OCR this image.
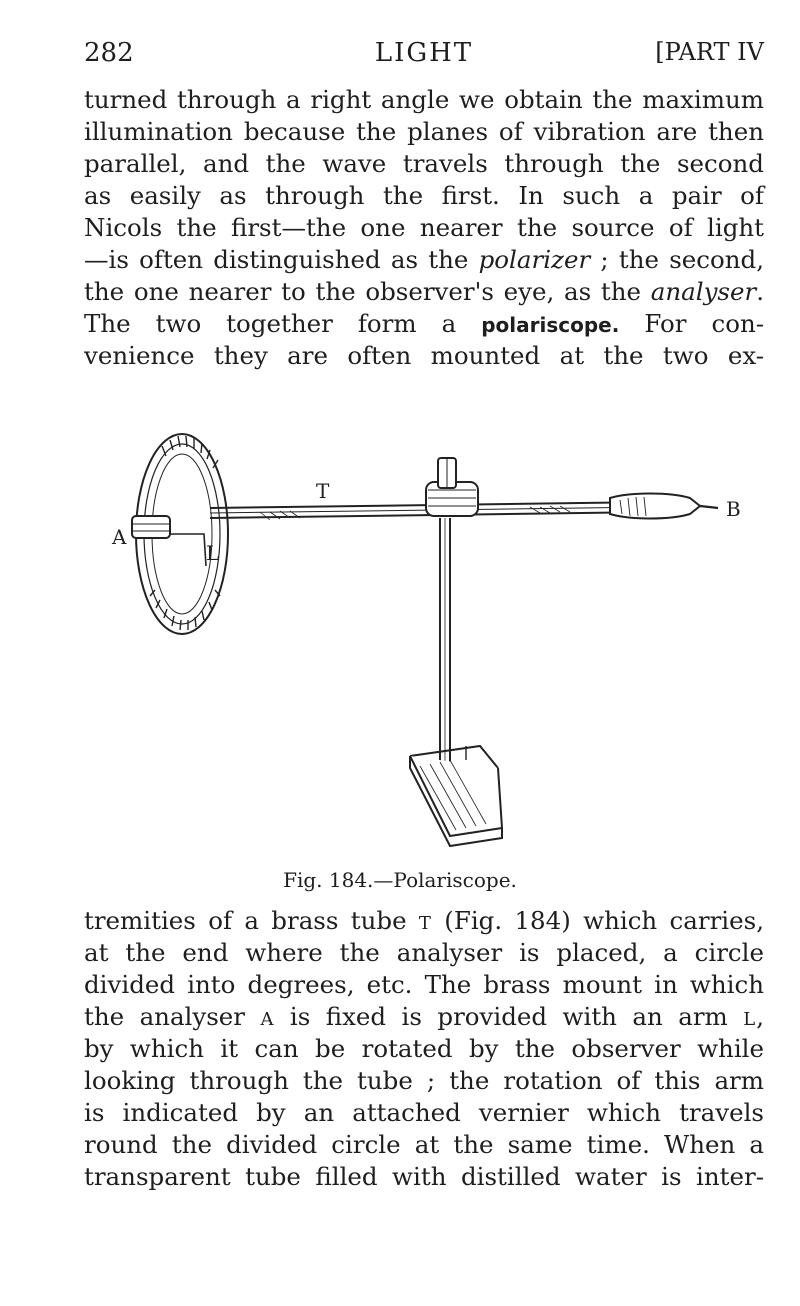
282	LIGHT	[PART IV
turned through a right angle we obtain the maximum
illumination because the planes of vibration are then
parallel, and the wave travels through the second
as easily as through the first. In such a pair of
Nicols the first—the one nearer the source of light
—is often distinguished as the polarizer ; the second,
the one nearer to the observer's eye, as the analyser.
The two together form a polariscope. For con-
venience they are often mounted at the two ex-
A
L
T
B
Fig. 184.—Polariscope.
tremities of a brass tube T (Fig. 184) which carries,
at the end where the analyser is placed, a circle
divided into degrees, etc. The brass mount in which
the analyser A is fixed is provided with an arm L,
by which it can be rotated by the observer while
looking through the tube ; the rotation of this arm
is indicated by an attached vernier which travels
round the divided circle at the same time. When a
transparent tube filled with distilled water is inter-
